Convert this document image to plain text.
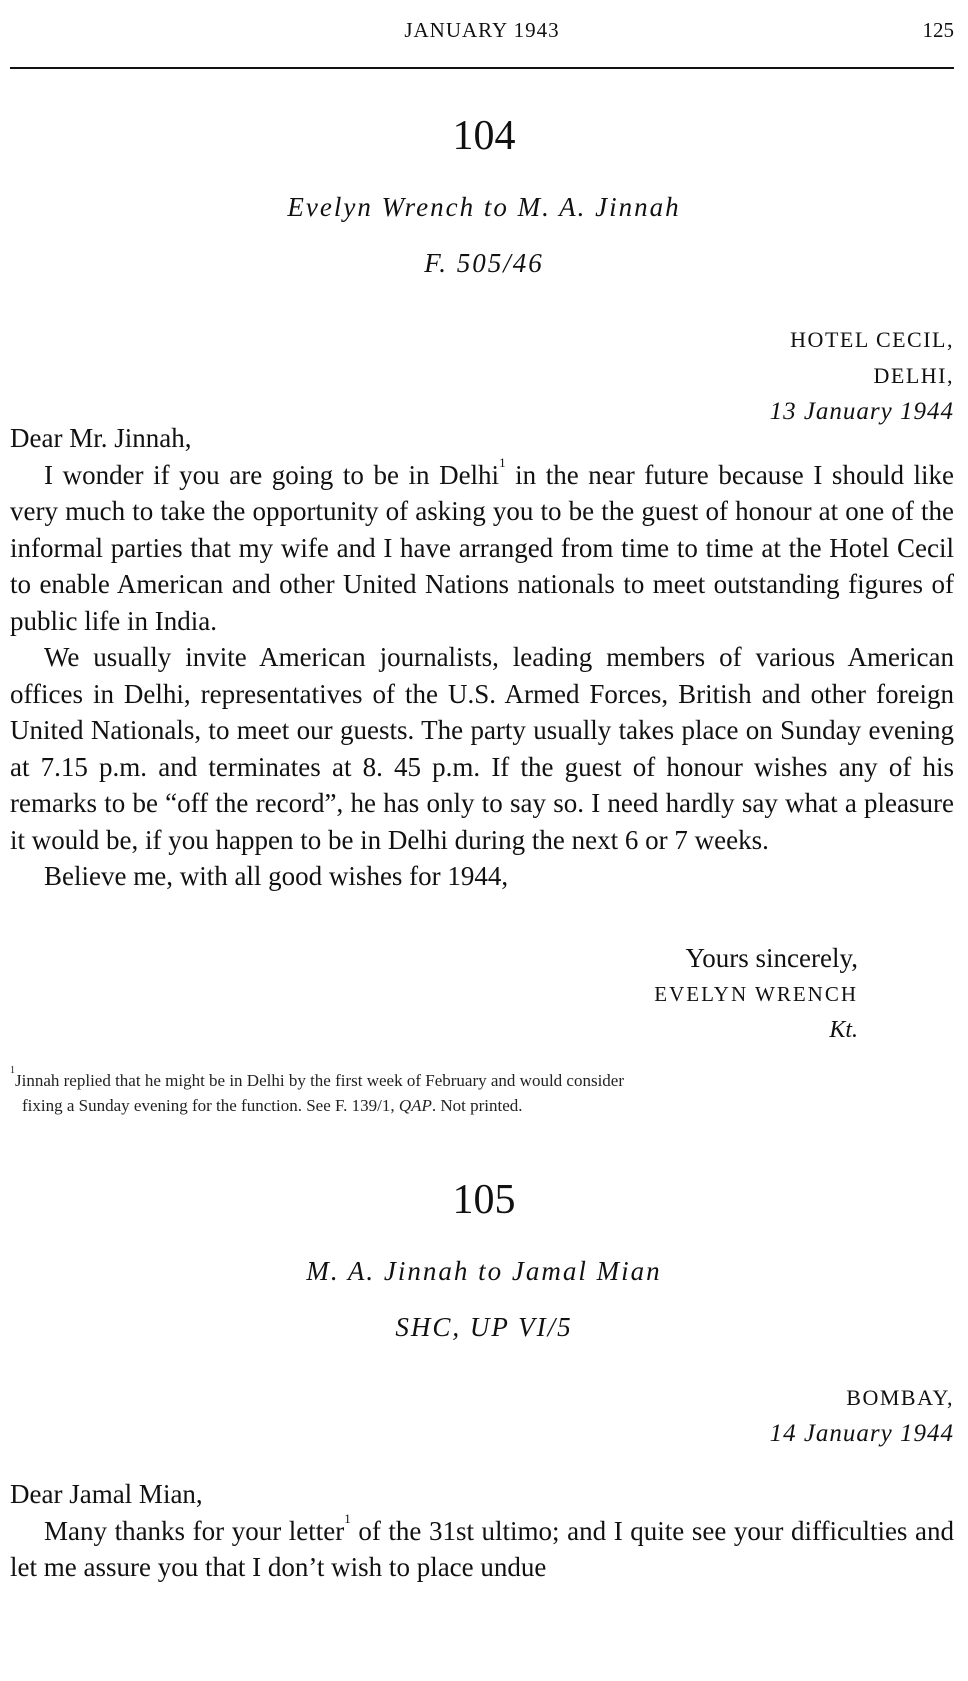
JANUARY 1943	125
104
Evelyn Wrench to M. A. Jinnah
F. 505/46
HOTEL CECIL,
DELHI,
13 January 1944

Dear Mr. Jinnah,

I wonder if you are going to be in Delhi$^1$ in the near future because I should like very much to take the opportunity of asking you to be the guest of honour at one of the informal parties that my wife and I have arranged from time to time at the Hotel Cecil to enable American and other United Nations nationals to meet outstanding figures of public life in India.

We usually invite American journalists, leading members of various American offices in Delhi, representatives of the U.S. Armed Forces, British and other foreign United Nationals, to meet our guests. The party usually takes place on Sunday evening at 7.15 p.m. and terminates at 8. 45 p.m. If the guest of honour wishes any of his remarks to be “off the record”, he has only to say so. I need hardly say what a pleasure it would be, if you happen to be in Delhi during the next 6 or 7 weeks.

Believe me, with all good wishes for 1944,

Yours sincerely,
EVELYN WRENCH
Kt.
$^1$Jinnah replied that he might be in Delhi by the first week of February and would consider
fixing a Sunday evening for the function. See F. 139/1, QAP. Not printed.
105
M. A. Jinnah to Jamal Mian
SHC, UP VI/5
BOMBAY,
14 January 1944

Dear Jamal Mian,

Many thanks for your letter$^1$ of the 31st ultimo; and I quite see your difficulties and let me assure you that I don’t wish to place undue
